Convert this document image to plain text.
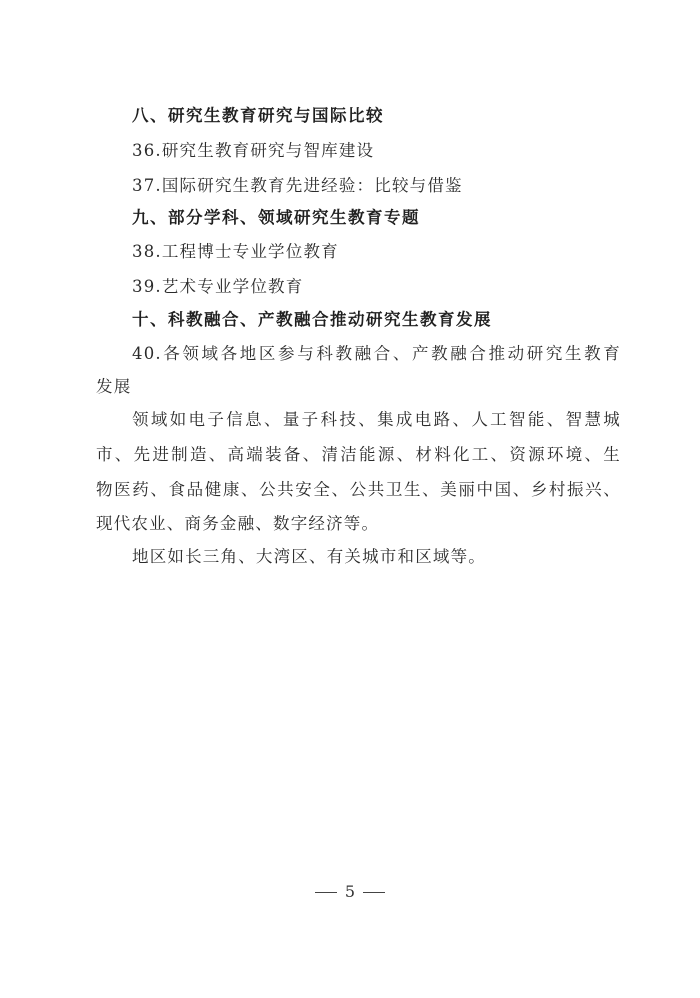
八、研究生教育研究与国际比较
36.研究生教育研究与智库建设
37.国际研究生教育先进经验：比较与借鉴
九、部分学科、领域研究生教育专题
38.工程博士专业学位教育
39.艺术专业学位教育
十、科教融合、产教融合推动研究生教育发展
40.各领域各地区参与科教融合、产教融合推动研究生教育
发展
领域如电子信息、量子科技、集成电路、人工智能、智慧城
市、先进制造、高端装备、清洁能源、材料化工、资源环境、生
物医药、食品健康、公共安全、公共卫生、美丽中国、乡村振兴、
现代农业、商务金融、数字经济等。
地区如长三角、大湾区、有关城市和区域等。
5
